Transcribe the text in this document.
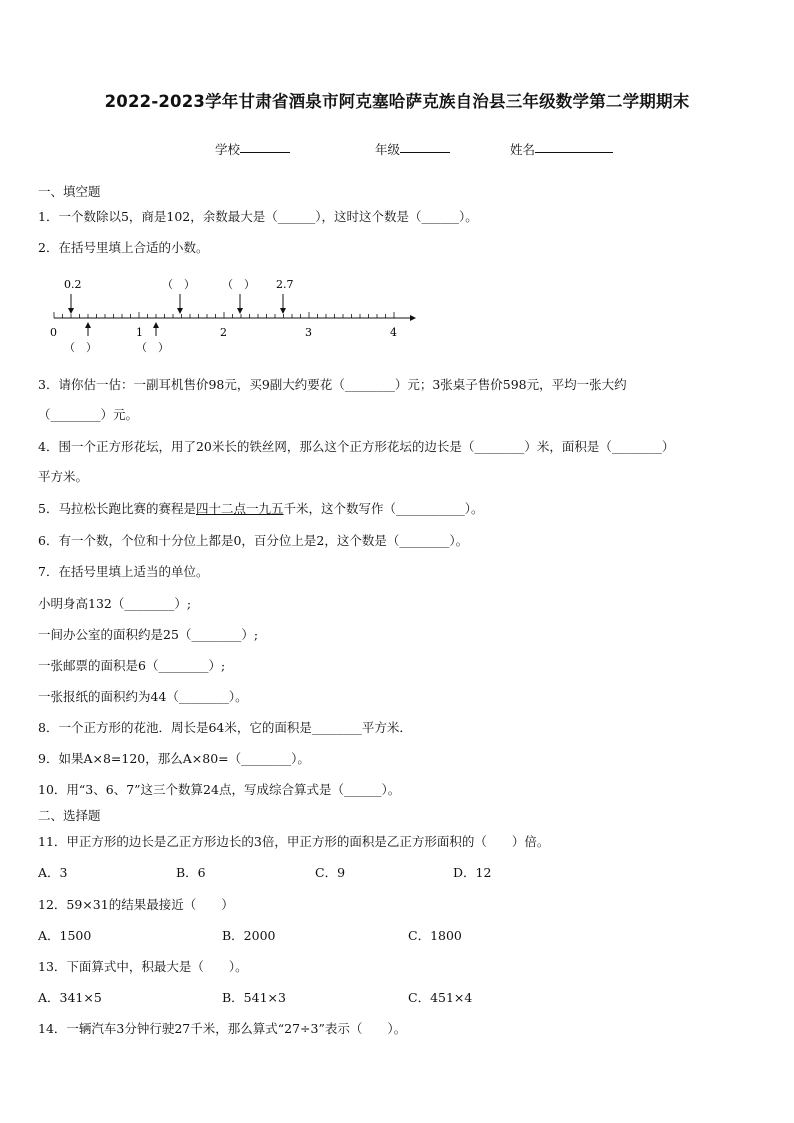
2022-2023学年甘肃省酒泉市阿克塞哈萨克族自治县三年级数学第二学期期末
学校	年级	姓名
一、填空题
1．一个数除以5，商是102，余数最大是（______），这时这个数是（______）。
2．在括号里填上合适的小数。
0.2	（　） （　） 2.7
0	1	2	3	4
（　）	（　）
3．请你估一估：一副耳机售价98元，买9副大约要花（________）元；3张桌子售价598元，平均一张大约
（________）元。
4．围一个正方形花坛，用了20米长的铁丝网，那么这个正方形花坛的边长是（________）米，面积是（________）
平方米。
5．马拉松长跑比赛的赛程是四十二点一九五千米，这个数写作（___________）。
6．有一个数，个位和十分位上都是0，百分位上是2，这个数是（________）。
7．在括号里填上适当的单位。
小明身高132（________）;
一间办公室的面积约是25（________）;
一张邮票的面积是6（________）;
一张报纸的面积约为44（________）。
8．一个正方形的花池．周长是64米，它的面积是________平方米．
9．如果A×8=120，那么A×80=（________）。
10．用“3、6、7”这三个数算24点，写成综合算式是（______）。
二、选择题
11．甲正方形的边长是乙正方形边长的3倍，甲正方形的面积是乙正方形面积的（　　）倍。
A．3	B．6	C．9	D．12
12．59×31的结果最接近（　　）
A．1500	B．2000	C．1800
13．下面算式中，积最大是（　　）。
A．341×5	B．541×3	C．451×4
14．一辆汽车3分钟行驶27千米，那么算式“27÷3”表示（　　）。
